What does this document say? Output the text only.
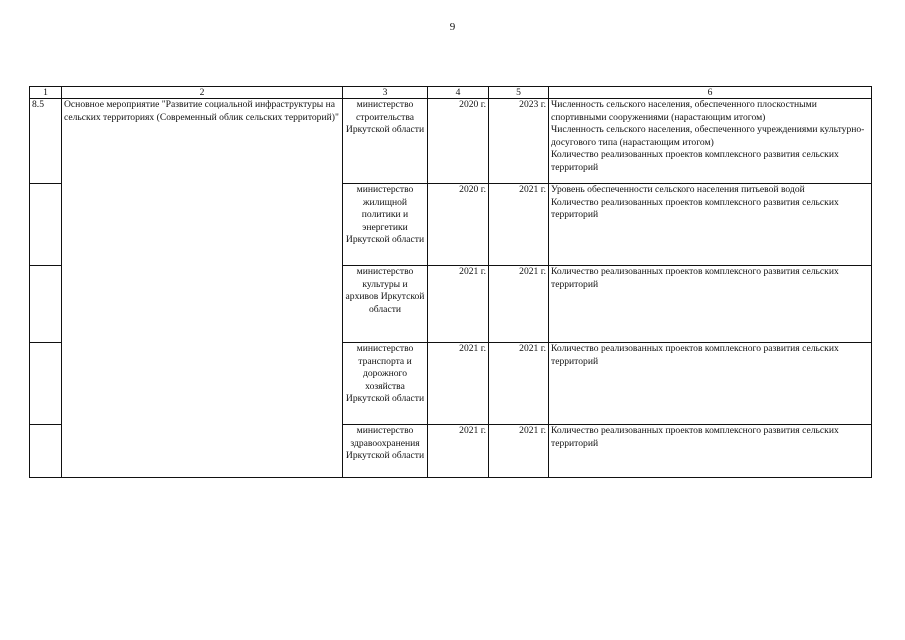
9
1	2	3	4	5	6
8.5	Основное мероприятие "Развитие социальной инфраструктуры на сельских территориях (Современный облик сельских территорий)"	министерство строительства Иркутской области	2020 г.	2023 г.	Численность сельского населения, обеспеченного плоскостными спортивными сооружениями (нарастающим итогом)
Численность сельского населения, обеспеченного учреждениями культурно-досугового типа (нарастающим итогом)
Количество реализованных проектов комплексного развития сельских территорий

		министерство жилищной политики и энергетики Иркутской области	2020 г.	2021 г.	Уровень обеспеченности сельского населения питьевой водой
Количество реализованных проектов комплексного развития сельских территорий

		министерство культуры и архивов Иркутской области	2021 г.	2021 г.	Количество реализованных проектов комплексного развития сельских территорий

		министерство транспорта и дорожного хозяйства Иркутской области	2021 г.	2021 г.	Количество реализованных проектов комплексного развития сельских территорий

		министерство здравоохранения Иркутской области	2021 г.	2021 г.	Количество реализованных проектов комплексного развития сельских территорий
